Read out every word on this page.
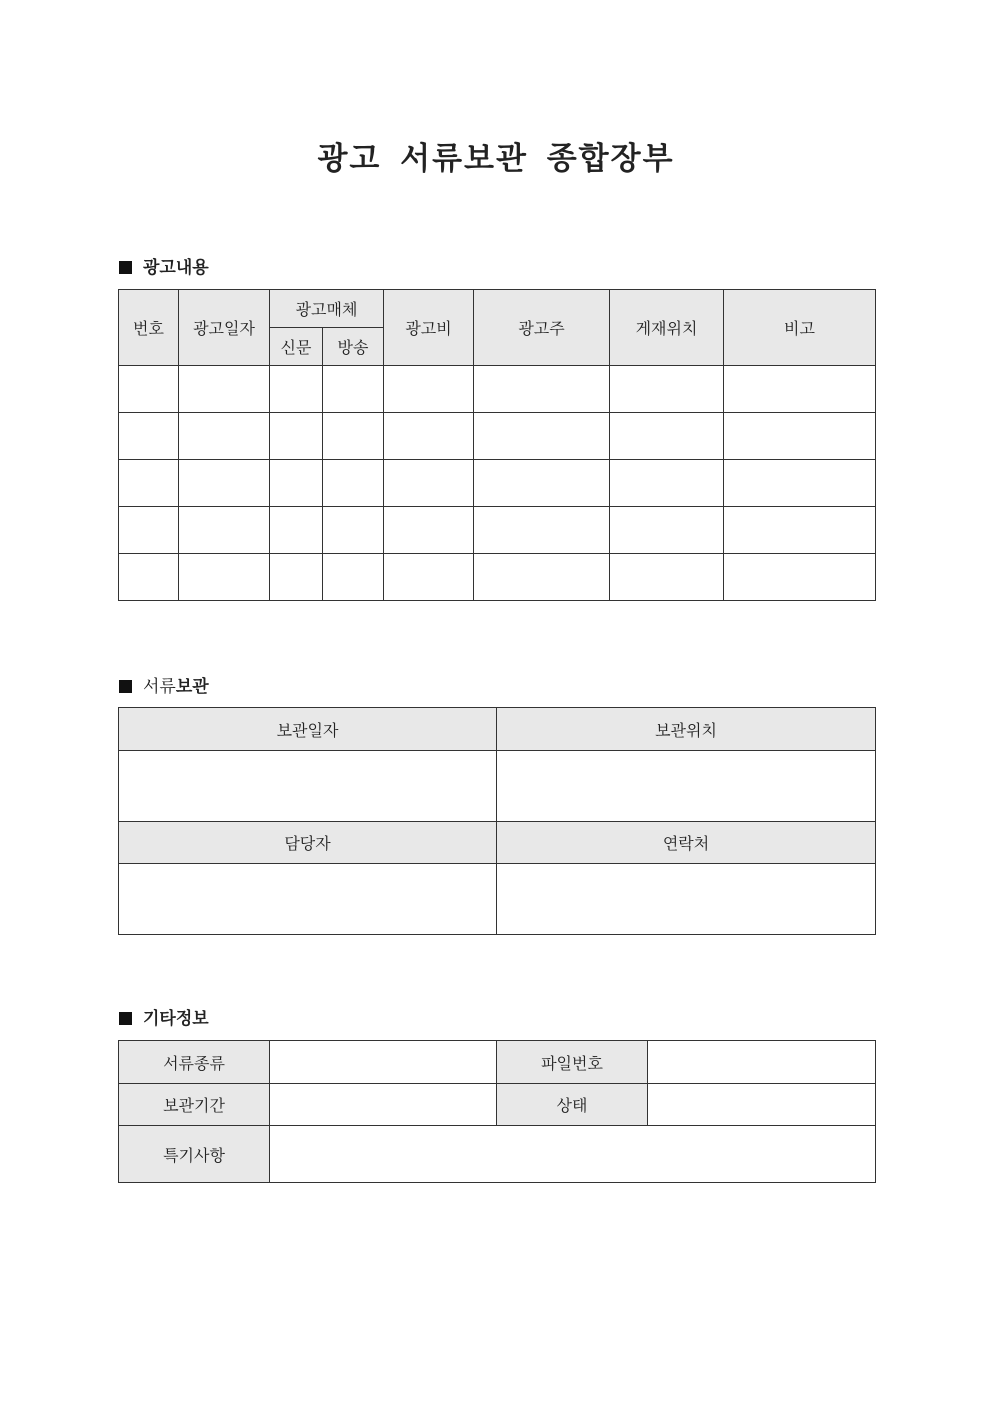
광고 서류보관 종합장부
광고내용
번호	광고일자	광고매체		광고비	광고주	게재위치	비고
		신문	방송				

서류보관
보관일자	보관위치

담당자	연락처

기타정보
서류종류		파일번호	
보관기간		상태	
특기사항			
